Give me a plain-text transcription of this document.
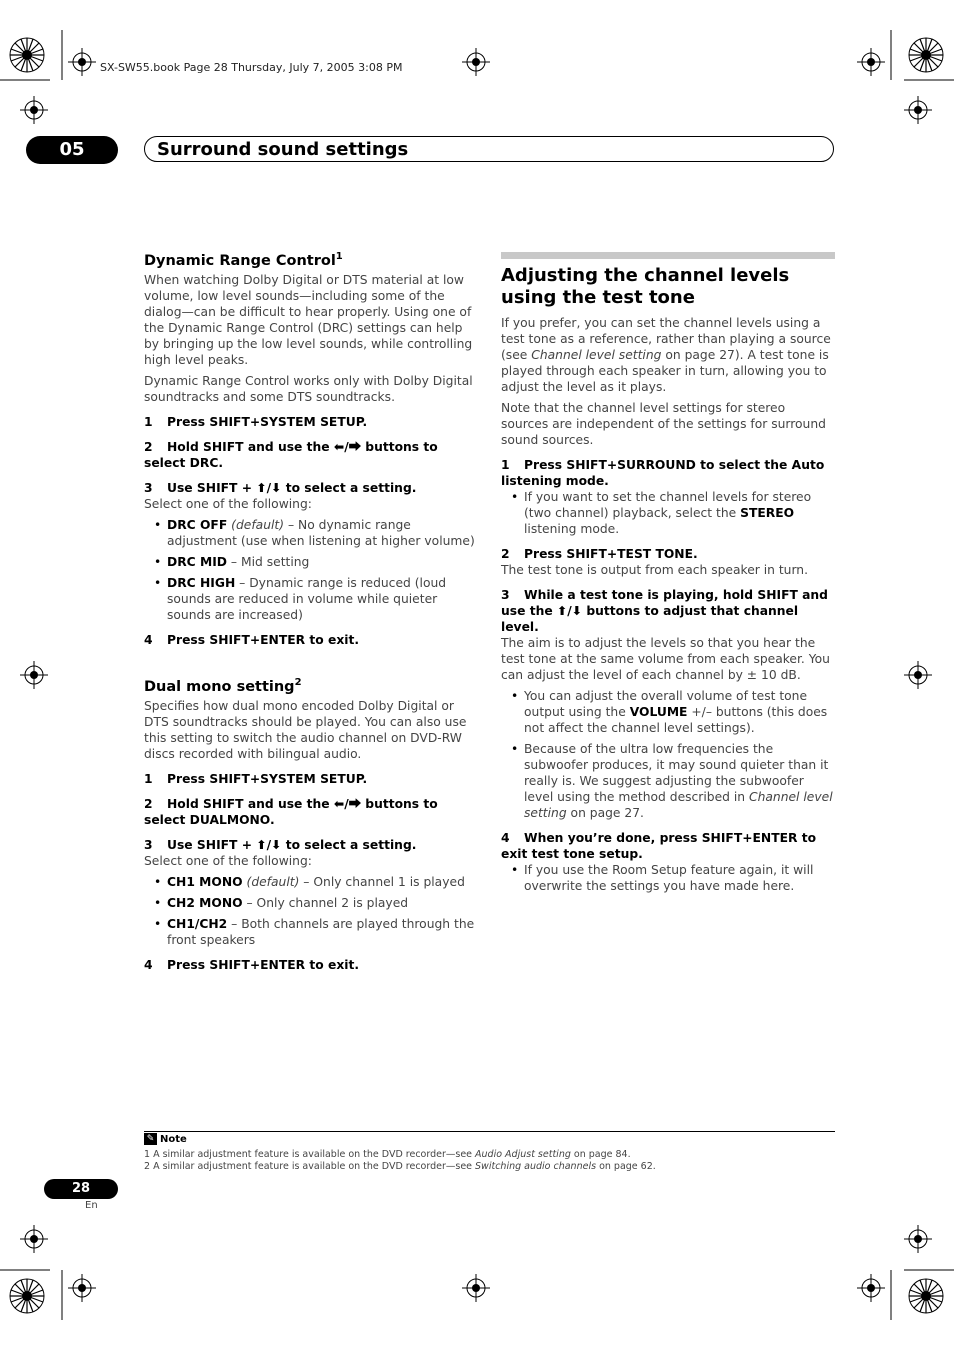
SX-SW55.book Page 28 Thursday, July 7, 2005 3:08 PM
05	Surround sound settings
Dynamic Range Control$^1$

When watching Dolby Digital or DTS material at low volume, low level sounds—including some of the dialog—can be difficult to hear properly. Using one of the Dynamic Range Control (DRC) settings can help by bringing up the low level sounds, while controlling high level peaks.

Dynamic Range Control works only with Dolby Digital soundtracks and some DTS soundtracks.

1 Press SHIFT+SYSTEM SETUP.

2 Hold SHIFT and use the ⬅/⮕ buttons to select DRC.

3 Use SHIFT + ⬆/⬇ to select a setting.

Select one of the following:

• DRC OFF (default) – No dynamic range adjustment (use when listening at higher volume)
• DRC MID – Mid setting
• DRC HIGH – Dynamic range is reduced (loud sounds are reduced in volume while quieter sounds are increased)

4 Press SHIFT+ENTER to exit.

Dual mono setting$^2$

Specifies how dual mono encoded Dolby Digital or DTS soundtracks should be played. You can also use this setting to switch the audio channel on DVD-RW discs recorded with bilingual audio.

1 Press SHIFT+SYSTEM SETUP.

2 Hold SHIFT and use the ⬅/⮕ buttons to select DUALMONO.

3 Use SHIFT + ⬆/⬇ to select a setting.

Select one of the following:

• CH1 MONO (default) – Only channel 1 is played
• CH2 MONO – Only channel 2 is played
• CH1/CH2 – Both channels are played through the front speakers

4 Press SHIFT+ENTER to exit.

Adjusting the channel levels using the test tone

If you prefer, you can set the channel levels using a test tone as a reference, rather than playing a source (see Channel level setting on page 27). A test tone is played through each speaker in turn, allowing you to adjust the level as it plays.

Note that the channel level settings for stereo sources are independent of the settings for surround sound sources.

1 Press SHIFT+SURROUND to select the Auto listening mode.

• If you want to set the channel levels for stereo (two channel) playback, select the STEREO listening mode.

2 Press SHIFT+TEST TONE.

The test tone is output from each speaker in turn.

3 While a test tone is playing, hold SHIFT and use the ⬆/⬇ buttons to adjust that channel level.

The aim is to adjust the levels so that you hear the test tone at the same volume from each speaker. You can adjust the level of each channel by ± 10 dB.

• You can adjust the overall volume of test tone output using the VOLUME +/– buttons (this does not affect the channel level settings).
• Because of the ultra low frequencies the subwoofer produces, it may sound quieter than it really is. We suggest adjusting the subwoofer level using the method described in Channel level setting on page 27.

4 When you’re done, press SHIFT+ENTER to exit test tone setup.

• If you use the Room Setup feature again, it will overwrite the settings you have made here.
✎ Note
1 A similar adjustment feature is available on the DVD recorder—see Audio Adjust setting on page 84.
2 A similar adjustment feature is available on the DVD recorder—see Switching audio channels on page 62.
28
En
